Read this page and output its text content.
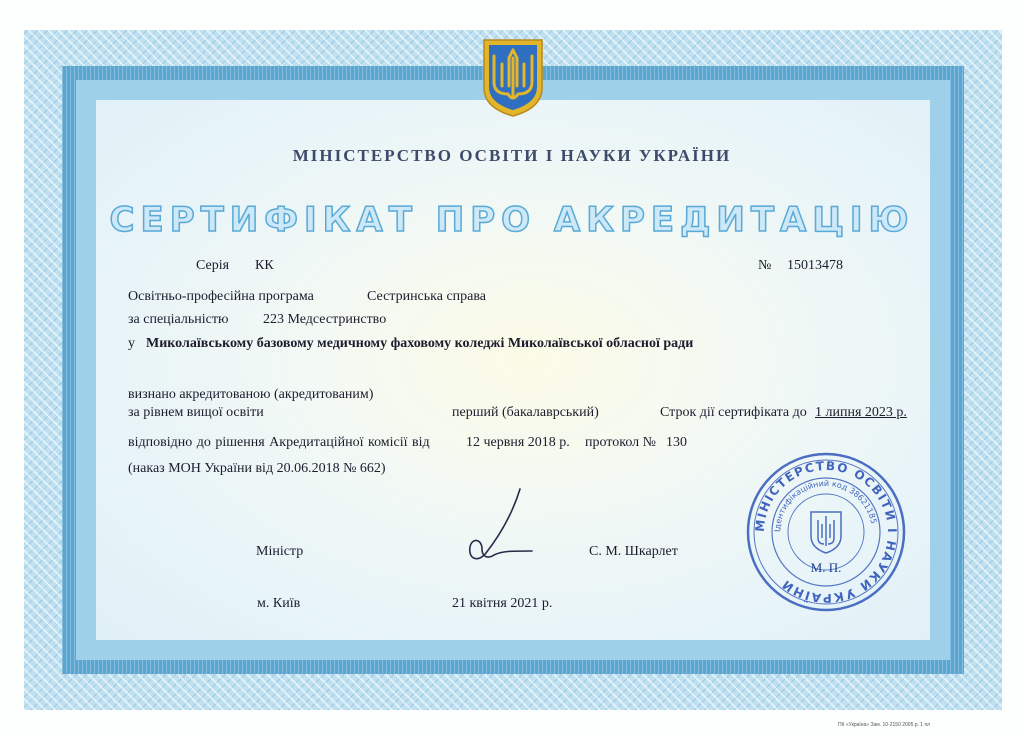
МІНІСТЕРСТВО ОСВІТИ І НАУКИ УКРАЇНИ
СЕРТИФІКАТ ПРО АКРЕДИТАЦІЮ
Серія КК	№ 15013478
Освітньо-професійна програма	Сестринська справа
за спеціальністю 223 Медсестринство
у Миколаївському базовому медичному фаховому коледжі Миколаївської обласної ради
визнано акредитованою (акредитованим)
за рівнем вищої освіти	перший (бакалаврський)	Строк дії сертифіката до 1 липня 2023 р.
відповідно до рішення Акредитаційної комісії від	12 червня 2018 р. протокол № 130
(наказ МОН України від 20.06.2018 № 662)
Міністр	С. М. Шкарлет
м. Київ	21 квітня 2021 р.
МІНІСТЕРСТВО ОСВІТИ І НАУКИ УКРАЇНИ
Ідентифікаційний код 38621185
М. П.
ПК «Україна» Зам. 10-2150 2005 р. 1 пл
